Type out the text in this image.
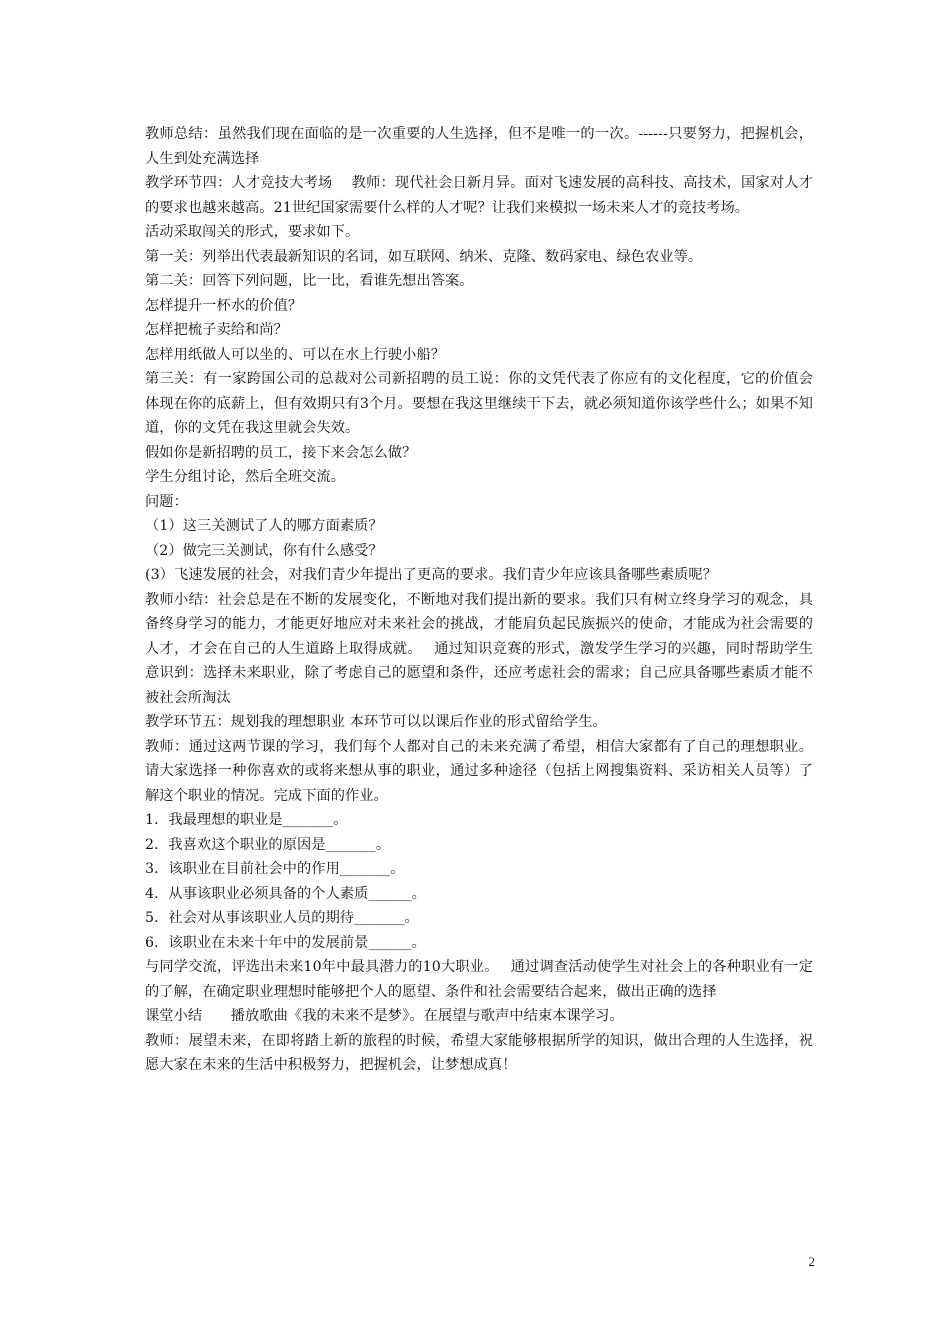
教师总结：虽然我们现在面临的是一次重要的人生选择，但不是唯一的一次。------只要努力，把握机会，人生到处充满选择

教学环节四：人才竞技大考场　 教师：现代社会日新月异。面对飞速发展的高科技、高技术，国家对人才的要求也越来越高。21世纪国家需要什么样的人才呢？让我们来模拟一场未来人才的竞技考场。

活动采取闯关的形式，要求如下。

第一关：列举出代表最新知识的名词，如互联网、纳米、克隆、数码家电、绿色农业等。

第二关：回答下列问题，比一比，看谁先想出答案。

怎样提升一杯水的价值？

怎样把梳子卖给和尚？

怎样用纸做人可以坐的、可以在水上行驶小船？

第三关：有一家跨国公司的总裁对公司新招聘的员工说：你的文凭代表了你应有的文化程度，它的价值会体现在你的底薪上，但有效期只有3个月。要想在我这里继续干下去，就必须知道你该学些什么；如果不知道，你的文凭在我这里就会失效。

假如你是新招聘的员工，接下来会怎么做？

学生分组讨论，然后全班交流。

问题：

（1）这三关测试了人的哪方面素质？

（2）做完三关测试，你有什么感受？

(3）飞速发展的社会，对我们青少年提出了更高的要求。我们青少年应该具备哪些素质呢？

教师小结：社会总是在不断的发展变化，不断地对我们提出新的要求。我们只有树立终身学习的观念，具备终身学习的能力，才能更好地应对未来社会的挑战，才能肩负起民族振兴的使命，才能成为社会需要的人才，才会在自己的人生道路上取得成就。　 通过知识竞赛的形式，激发学生学习的兴趣，同时帮助学生意识到：选择未来职业，除了考虑自己的愿望和条件，还应考虑社会的需求；自己应具备哪些素质才能不被社会所淘汰

教学环节五：规划我的理想职业 本环节可以以课后作业的形式留给学生。

教师：通过这两节课的学习，我们每个人都对自己的未来充满了希望，相信大家都有了自己的理想职业。请大家选择一种你喜欢的或将来想从事的职业，通过多种途径（包括上网搜集资料、采访相关人员等）了解这个职业的情况。完成下面的作业。

1．我最理想的职业是_______。

2．我喜欢这个职业的原因是_______。

3．该职业在目前社会中的作用_______。

4．从事该职业必须具备的个人素质______。

5．社会对从事该职业人员的期待_______。

6．该职业在未来十年中的发展前景______。

与同学交流，评选出未来10年中最具潜力的10大职业。　 通过调查活动使学生对社会上的各种职业有一定的了解，在确定职业理想时能够把个人的愿望、条件和社会需要结合起来，做出正确的选择

课堂小结　　播放歌曲《我的未来不是梦》。在展望与歌声中结束本课学习。

教师：展望未来，在即将踏上新的旅程的时候，希望大家能够根据所学的知识，做出合理的人生选择，祝愿大家在未来的生活中积极努力，把握机会，让梦想成真！

2
